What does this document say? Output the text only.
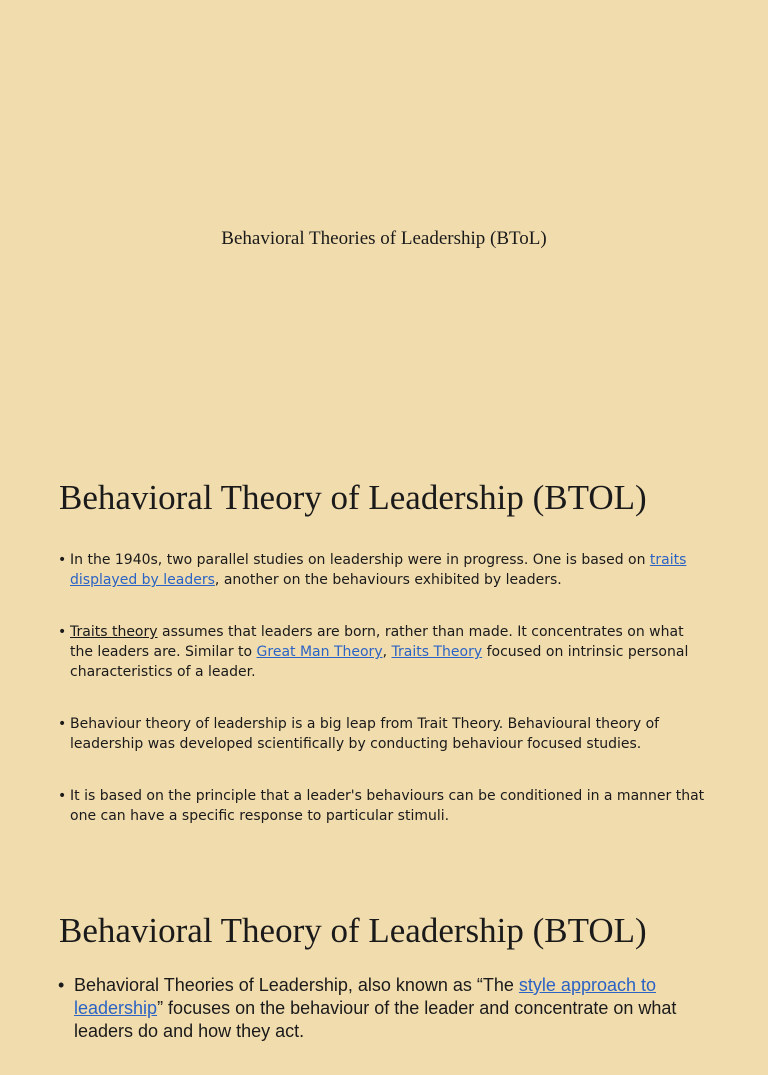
Behavioral Theories of Leadership (BToL)
Behavioral Theory of Leadership (BTOL)
• In the 1940s, two parallel studies on leadership were in progress. One is based on traits displayed by leaders, another on the behaviours exhibited by leaders.
• Traits theory assumes that leaders are born, rather than made. It concentrates on what the leaders are. Similar to Great Man Theory, Traits Theory focused on intrinsic personal characteristics of a leader.
• Behaviour theory of leadership is a big leap from Trait Theory. Behavioural theory of leadership was developed scientifically by conducting behaviour focused studies.
• It is based on the principle that a leader's behaviours can be conditioned in a manner that one can have a specific response to particular stimuli.
Behavioral Theory of Leadership (BTOL)
• Behavioral Theories of Leadership, also known as “The style approach to leadership” focuses on the behaviour of the leader and concentrate on what leaders do and how they act.
